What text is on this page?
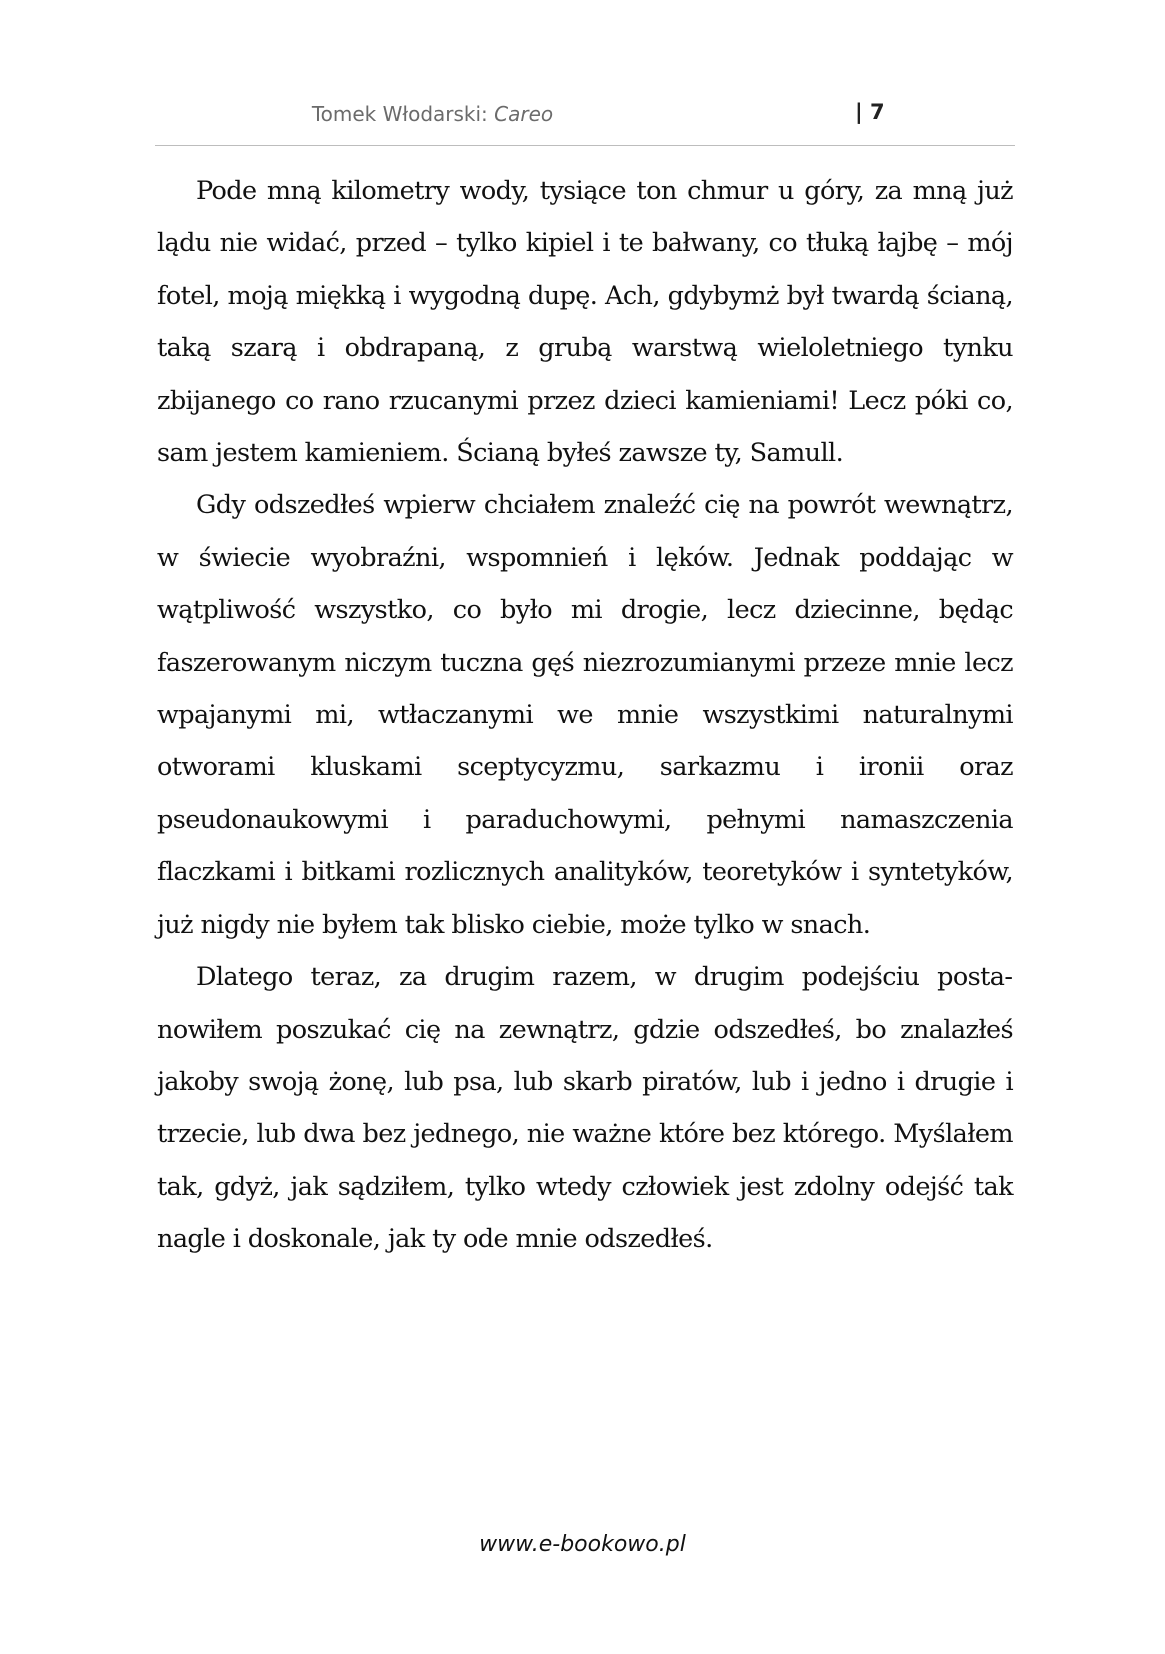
Tomek Włodarski: Careo	| 7

Pode mną kilometry wody, tysiące ton chmur u góry, za mną już lądu nie widać, przed – tylko kipiel i te bałwany, co tłuką łajbę – mój fotel, moją miękką i wygodną dupę. Ach, gdybymż był twardą ścianą, taką szarą i obdrapaną, z grubą warstwą wieloletniego tynku zbijanego co rano rzucanymi przez dzieci kamieniami! Lecz póki co, sam jestem kamieniem. Ścianą byłeś zawsze ty, Samull.

Gdy odszedłeś wpierw chciałem znaleźć cię na powrót wewnątrz, w świecie wyobraźni, wspomnień i lęków. Jednak poddając w wątpliwość wszystko, co było mi drogie, lecz dziecinne, będąc faszerowanym niczym tuczna gęś niezrozumianymi przeze mnie lecz wpajanymi mi, wtłaczanymi we mnie wszystkimi naturalnymi otworami kluskami sceptycyzmu, sarkazmu i ironii oraz pseudonaukowymi i paraduchowymi, pełnymi namaszczenia flaczkami i bitkami rozlicznych analityków, teoretyków i syntetyków, już nigdy nie byłem tak blisko ciebie, może tylko w snach.

Dlatego teraz, za drugim razem, w drugim podejściu postanowiłem poszukać cię na zewnątrz, gdzie odszedłeś, bo znalazłeś jakoby swoją żonę, lub psa, lub skarb piratów, lub i jedno i drugie i trzecie, lub dwa bez jednego, nie ważne które bez którego. Myślałem tak, gdyż, jak sądziłem, tylko wtedy człowiek jest zdolny odejść tak nagle i doskonale, jak ty ode mnie odszedłeś.

www.e-bookowo.pl
